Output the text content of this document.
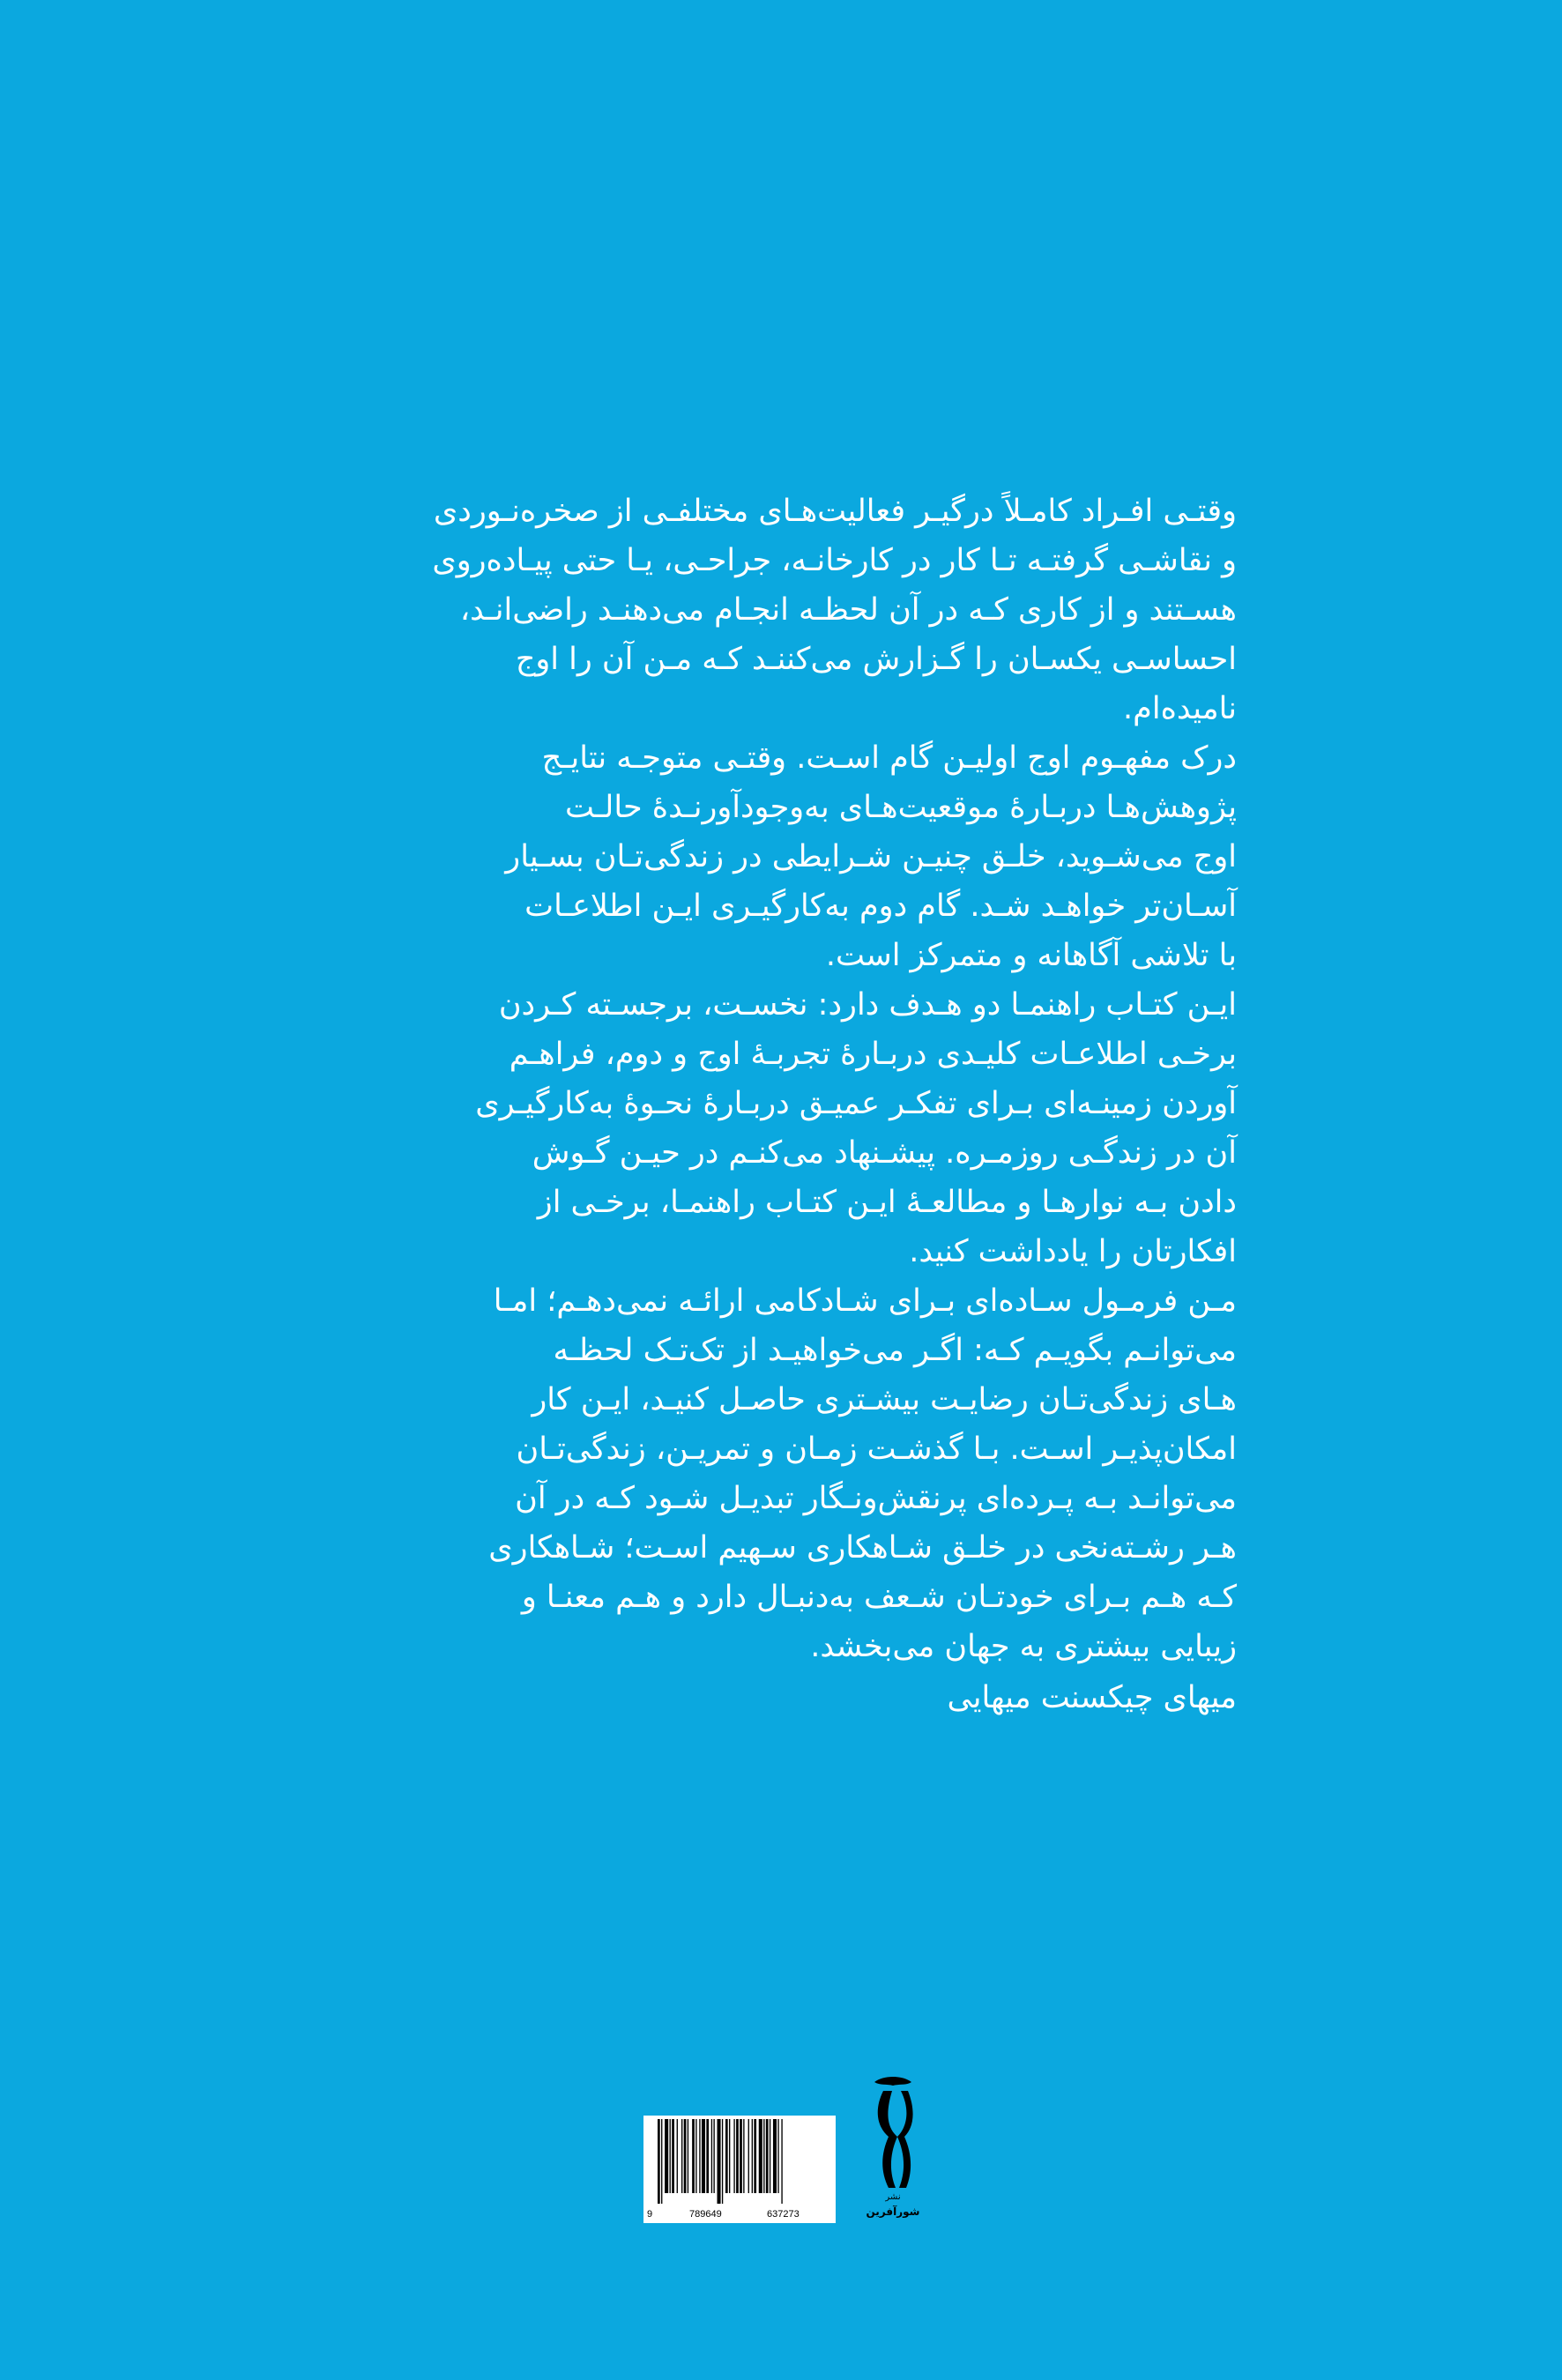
وقتـی افـراد کامـلاً درگیـر فعالیت‌هـای مختلفـی از صخره‌نـوردی
و نقاشـی گرفتـه تـا کار در کارخانـه، جراحـی، یـا حتی پیـاده‌روی
هسـتند و از کاری کـه در آن لحظـه انجـام می‌دهنـد راضی‌انـد،
احساسـی یکسـان را گـزارش می‌کننـد کـه مـن آن را اوج
نامیده‌ام.
درک مفهـوم اوج اولیـن گام اسـت. وقتـی متوجـه نتایـج
پژوهش‌هـا دربـارۀ موقعیت‌هـای به‌وجودآورنـدۀ حالـت
اوج می‌شـوید، خلـق چنیـن شـرایطی در زندگی‌تـان بسـیار
آسـان‌تر خواهـد شـد. گام دوم به‌کارگیـری ایـن اطلاعـات
با تلاشی آگاهانه و متمرکز است.
ایـن کتـاب راهنمـا دو هـدف دارد: نخسـت، برجسـته کـردن
برخـی اطلاعـات کلیـدی دربـارۀ تجربـۀ اوج و دوم، فراهـم
آوردن زمینـه‌ای بـرای تفکـر عمیـق دربـارۀ نحـوۀ به‌کارگیـری
آن در زندگـی روزمـره. پیشـنهاد می‌کنـم در حیـن گـوش
دادن بـه نوارهـا و مطالعـۀ ایـن کتـاب راهنمـا، برخـی از
افکارتان را یادداشت کنید.
مـن فرمـول سـاده‌ای بـرای شـادکامی ارائـه نمی‌دهـم؛ امـا
می‌توانـم بگویـم کـه: اگـر می‌خواهیـد از تک‌تـک لحظـه
هـای زندگی‌تـان رضایـت بیشـتری حاصـل کنیـد، ایـن کار
امکان‌پذیـر اسـت. بـا گذشـت زمـان و تمریـن، زندگی‌تـان
می‌توانـد بـه پـرده‌ای پرنقش‌ونـگار تبدیـل شـود کـه در آن
هـر رشـته‌نخی در خلـق شـاهکاری سـهیم اسـت؛ شـاهکاری
کـه هـم بـرای خودتـان شـعف به‌دنبـال دارد و هـم معنـا و
زیبایی بیشتری به جهان می‌بخشد.
میهای چیکسنت میهایی
9	789649	637273
نشر
شورآفرین
